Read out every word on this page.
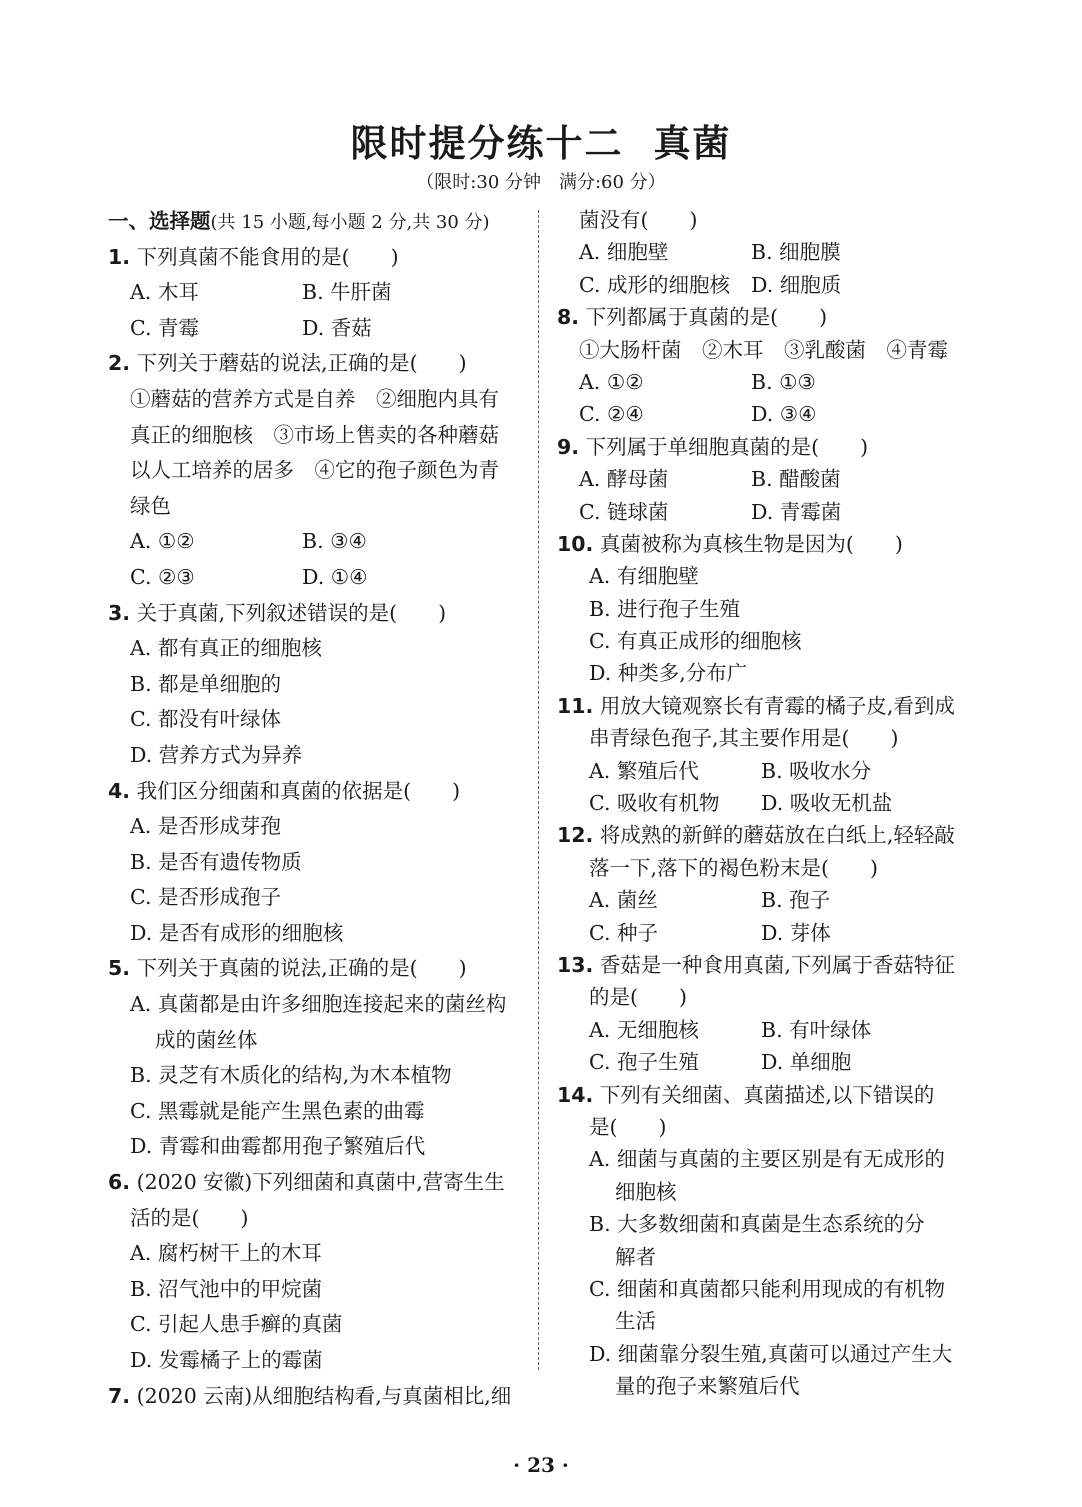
限时提分练十二 真菌
（限时:30 分钟　满分:60 分）
一、选择题(共 15 小题,每小题 2 分,共 30 分)
1. 下列真菌不能食用的是(　　)
A. 木耳	B. 牛肝菌
C. 青霉	D. 香菇
2. 下列关于蘑菇的说法,正确的是(　　)
①蘑菇的营养方式是自养　②细胞内具有
真正的细胞核　③市场上售卖的各种蘑菇
以人工培养的居多　④它的孢子颜色为青
绿色
A. ①②	B. ③④
C. ②③	D. ①④
3. 关于真菌,下列叙述错误的是(　　)
A. 都有真正的细胞核
B. 都是单细胞的
C. 都没有叶绿体
D. 营养方式为异养
4. 我们区分细菌和真菌的依据是(　　)
A. 是否形成芽孢
B. 是否有遗传物质
C. 是否形成孢子
D. 是否有成形的细胞核
5. 下列关于真菌的说法,正确的是(　　)
A. 真菌都是由许多细胞连接起来的菌丝构
成的菌丝体
B. 灵芝有木质化的结构,为木本植物
C. 黑霉就是能产生黑色素的曲霉
D. 青霉和曲霉都用孢子繁殖后代
6. (2020 安徽)下列细菌和真菌中,营寄生生
活的是(　　)
A. 腐朽树干上的木耳
B. 沼气池中的甲烷菌
C. 引起人患手癣的真菌
D. 发霉橘子上的霉菌
7. (2020 云南)从细胞结构看,与真菌相比,细
菌没有(　　)
A. 细胞壁	B. 细胞膜
C. 成形的细胞核 D. 细胞质
8. 下列都属于真菌的是(　　)
①大肠杆菌　②木耳　③乳酸菌　④青霉
A. ①②	B. ①③
C. ②④	D. ③④
9. 下列属于单细胞真菌的是(　　)
A. 酵母菌	B. 醋酸菌
C. 链球菌	D. 青霉菌
10. 真菌被称为真核生物是因为(　　)
A. 有细胞壁
B. 进行孢子生殖
C. 有真正成形的细胞核
D. 种类多,分布广
11. 用放大镜观察长有青霉的橘子皮,看到成
串青绿色孢子,其主要作用是(　　)
A. 繁殖后代	B. 吸收水分
C. 吸收有机物 D. 吸收无机盐
12. 将成熟的新鲜的蘑菇放在白纸上,轻轻敲
落一下,落下的褐色粉末是(　　)
A. 菌丝	B. 孢子
C. 种子	D. 芽体
13. 香菇是一种食用真菌,下列属于香菇特征
的是(　　)
A. 无细胞核	B. 有叶绿体
C. 孢子生殖	D. 单细胞
14. 下列有关细菌、真菌描述,以下错误的
是(　　)
A. 细菌与真菌的主要区别是有无成形的
细胞核
B. 大多数细菌和真菌是生态系统的分
解者
C. 细菌和真菌都只能利用现成的有机物
生活
D. 细菌靠分裂生殖,真菌可以通过产生大
量的孢子来繁殖后代
· 23 ·
